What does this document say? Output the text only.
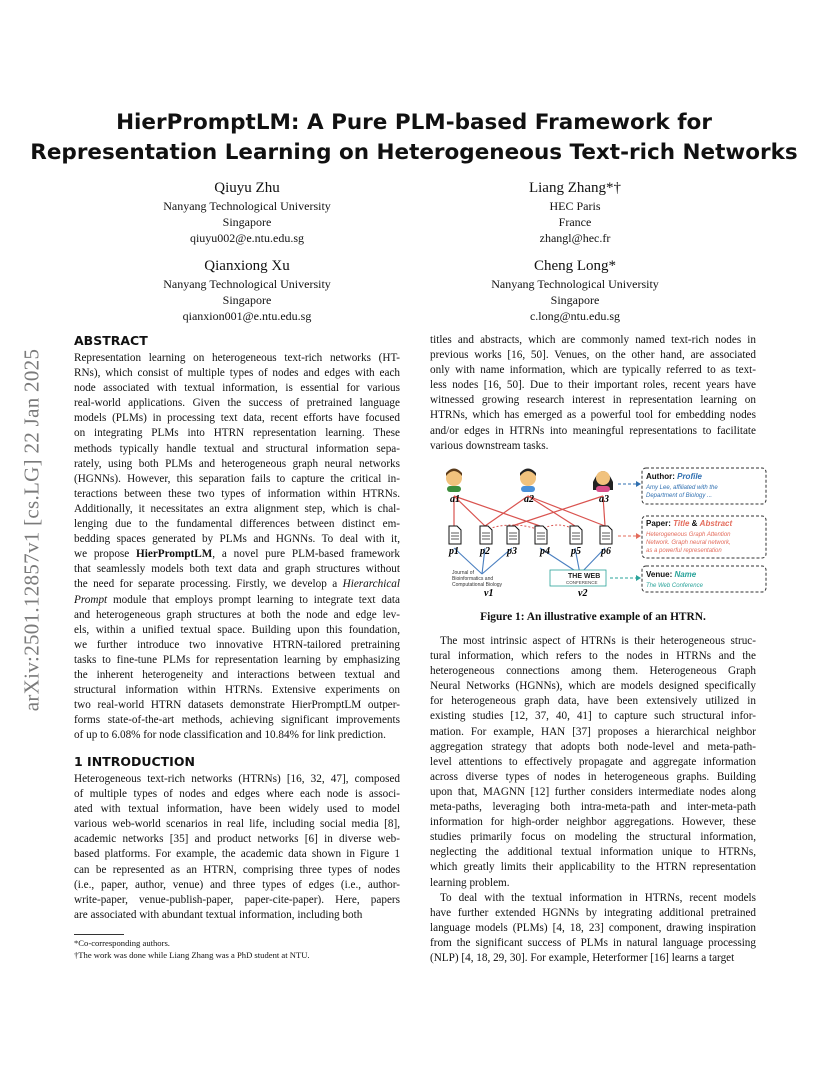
arXiv:2501.12857v1 [cs.LG] 22 Jan 2025
HierPromptLM: A Pure PLM-based Framework for
Representation Learning on Heterogeneous Text-rich Networks
Qiuyu Zhu
Nanyang Technological University
Singapore
qiuyu002@e.ntu.edu.sg
Liang Zhang*†
HEC Paris
France
zhangl@hec.fr
Qianxiong Xu
Nanyang Technological University
Singapore
qianxion001@e.ntu.edu.sg
Cheng Long*
Nanyang Technological University
Singapore
c.long@ntu.edu.sg
ABSTRACT
Representation learning on heterogeneous text-rich networks (HT-
RNs), which consist of multiple types of nodes and edges with each
node associated with textual information, is essential for various
real-world applications. Given the success of pretrained language
models (PLMs) in processing text data, recent efforts have focused
on integrating PLMs into HTRN representation learning. These
methods typically handle textual and structural information sepa-
rately, using both PLMs and heterogeneous graph neural networks
(HGNNs). However, this separation fails to capture the critical in-
teractions between these two types of information within HTRNs.
Additionally, it necessitates an extra alignment step, which is chal-
lenging due to the fundamental differences between distinct em-
bedding spaces generated by PLMs and HGNNs. To deal with it,
we propose HierPromptLM, a novel pure PLM-based framework
that seamlessly models both text data and graph structures without
the need for separate processing. Firstly, we develop a Hierarchical
Prompt module that employs prompt learning to integrate text data
and heterogeneous graph structures at both the node and edge lev-
els, within a unified textual space. Building upon this foundation,
we further introduce two innovative HTRN-tailored pretraining
tasks to fine-tune PLMs for representation learning by emphasizing
the inherent heterogeneity and interactions between textual and
structural information within HTRNs. Extensive experiments on
two real-world HTRN datasets demonstrate HierPromptLM outper-
forms state-of-the-art methods, achieving significant improvements
of up to 6.08% for node classification and 10.84% for link prediction.
1 INTRODUCTION
Heterogeneous text-rich networks (HTRNs) [16, 32, 47], composed
of multiple types of nodes and edges where each node is associ-
ated with textual information, have been widely used to model
various web-world scenarios in real life, including social media [8],
academic networks [35] and product networks [6] in diverse web-
based platforms. For example, the academic data shown in Figure 1
can be represented as an HTRN, comprising three types of nodes
(i.e., paper, author, venue) and three types of edges (i.e., author-
write-paper, venue-publish-paper, paper-cite-paper). Here, papers
are associated with abundant textual information, including both
*Co-corresponding authors.
†The work was done while Liang Zhang was a PhD student at NTU.
titles and abstracts, which are commonly named text-rich nodes in
previous works [16, 50]. Venues, on the other hand, are associated
only with name information, which are typically referred to as text-
less nodes [16, 50]. Due to their important roles, recent years have
witnessed growing research interest in representation learning on
HTRNs, which has emerged as a powerful tool for embedding nodes
and/or edges in HTRNs into meaningful representations to facilitate
various downstream tasks.
a1	a2	a3
p1 p2 p3 p4 p5 p6
Journal of
Bioinformatics and
Computational Biology
THE WEB
CONFERENCE
v1	v2
Author: Profile
Amy Lee, affiliated with the
Department of Biology ...
Paper: Title & Abstract
Heterogeneous Graph Attention
Network. Graph neural network,
as a powerful representation
Venue: Name
The Web Conference
Figure 1: An illustrative example of an HTRN.
The most intrinsic aspect of HTRNs is their heterogeneous struc-
tural information, which refers to the nodes in HTRNs and the
heterogeneous connections among them. Heterogeneous Graph
Neural Networks (HGNNs), which are models designed specifically
for heterogeneous graph data, have been extensively utilized in
existing studies [12, 37, 40, 41] to capture such structural infor-
mation. For example, HAN [37] proposes a hierarchical neighbor
aggregation strategy that adopts both node-level and meta-path-
level attentions to effectively propagate and aggregate information
across diverse types of nodes in heterogeneous graphs. Building
upon that, MAGNN [12] further considers intermediate nodes along
meta-paths, leveraging both intra-meta-path and inter-meta-path
information for high-order neighbor aggregations. However, these
studies primarily focus on modeling the structural information,
neglecting the additional textual information unique to HTRNs,
which greatly limits their applicability to the HTRN representation
learning problem.
To deal with the textual information in HTRNs, recent models
have further extended HGNNs by integrating additional pretrained
language models (PLMs) [4, 18, 23] component, drawing inspiration
from the significant success of PLMs in natural language processing
(NLP) [4, 18, 29, 30]. For example, Heterformer [16] learns a target
